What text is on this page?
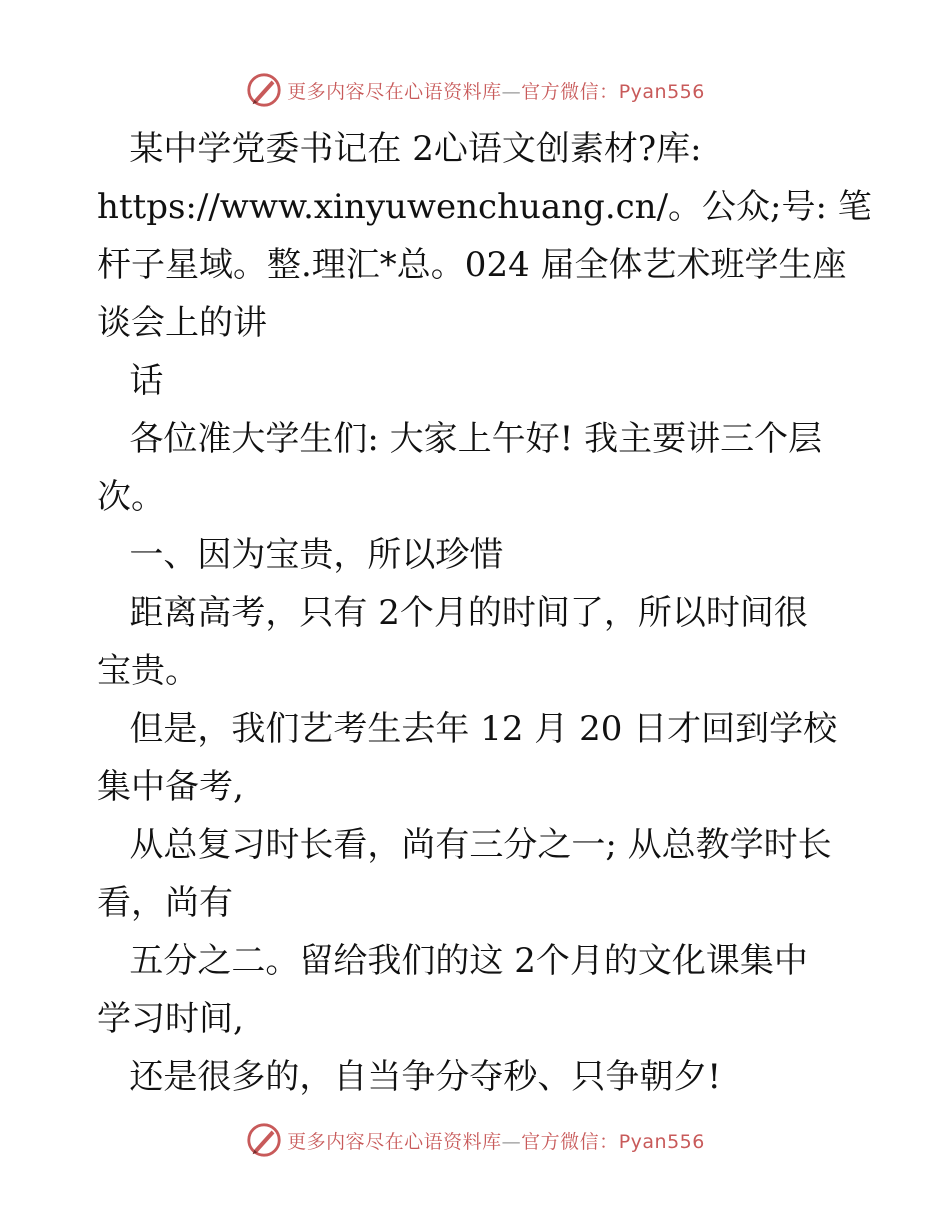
更多内容尽在心语资料库—官方微信：Pyan556

某中学党委书记在 2心语文创素材?库:

https://www.xinyuwenchuang.cn/。公众;号: 笔

杆子星域。整.理汇*总。024 届全体艺术班学生座

谈会上的讲

话

各位准大学生们: 大家上午好! 我主要讲三个层

次。

一、因为宝贵，所以珍惜

距离高考，只有 2个月的时间了，所以时间很

宝贵。

但是，我们艺考生去年 12 月 20 日才回到学校

集中备考,

从总复习时长看，尚有三分之一; 从总教学时长

看，尚有

五分之二。留给我们的这 2个月的文化课集中

学习时间,

还是很多的，自当争分夺秒、只争朝夕!

更多内容尽在心语资料库—官方微信：Pyan556
